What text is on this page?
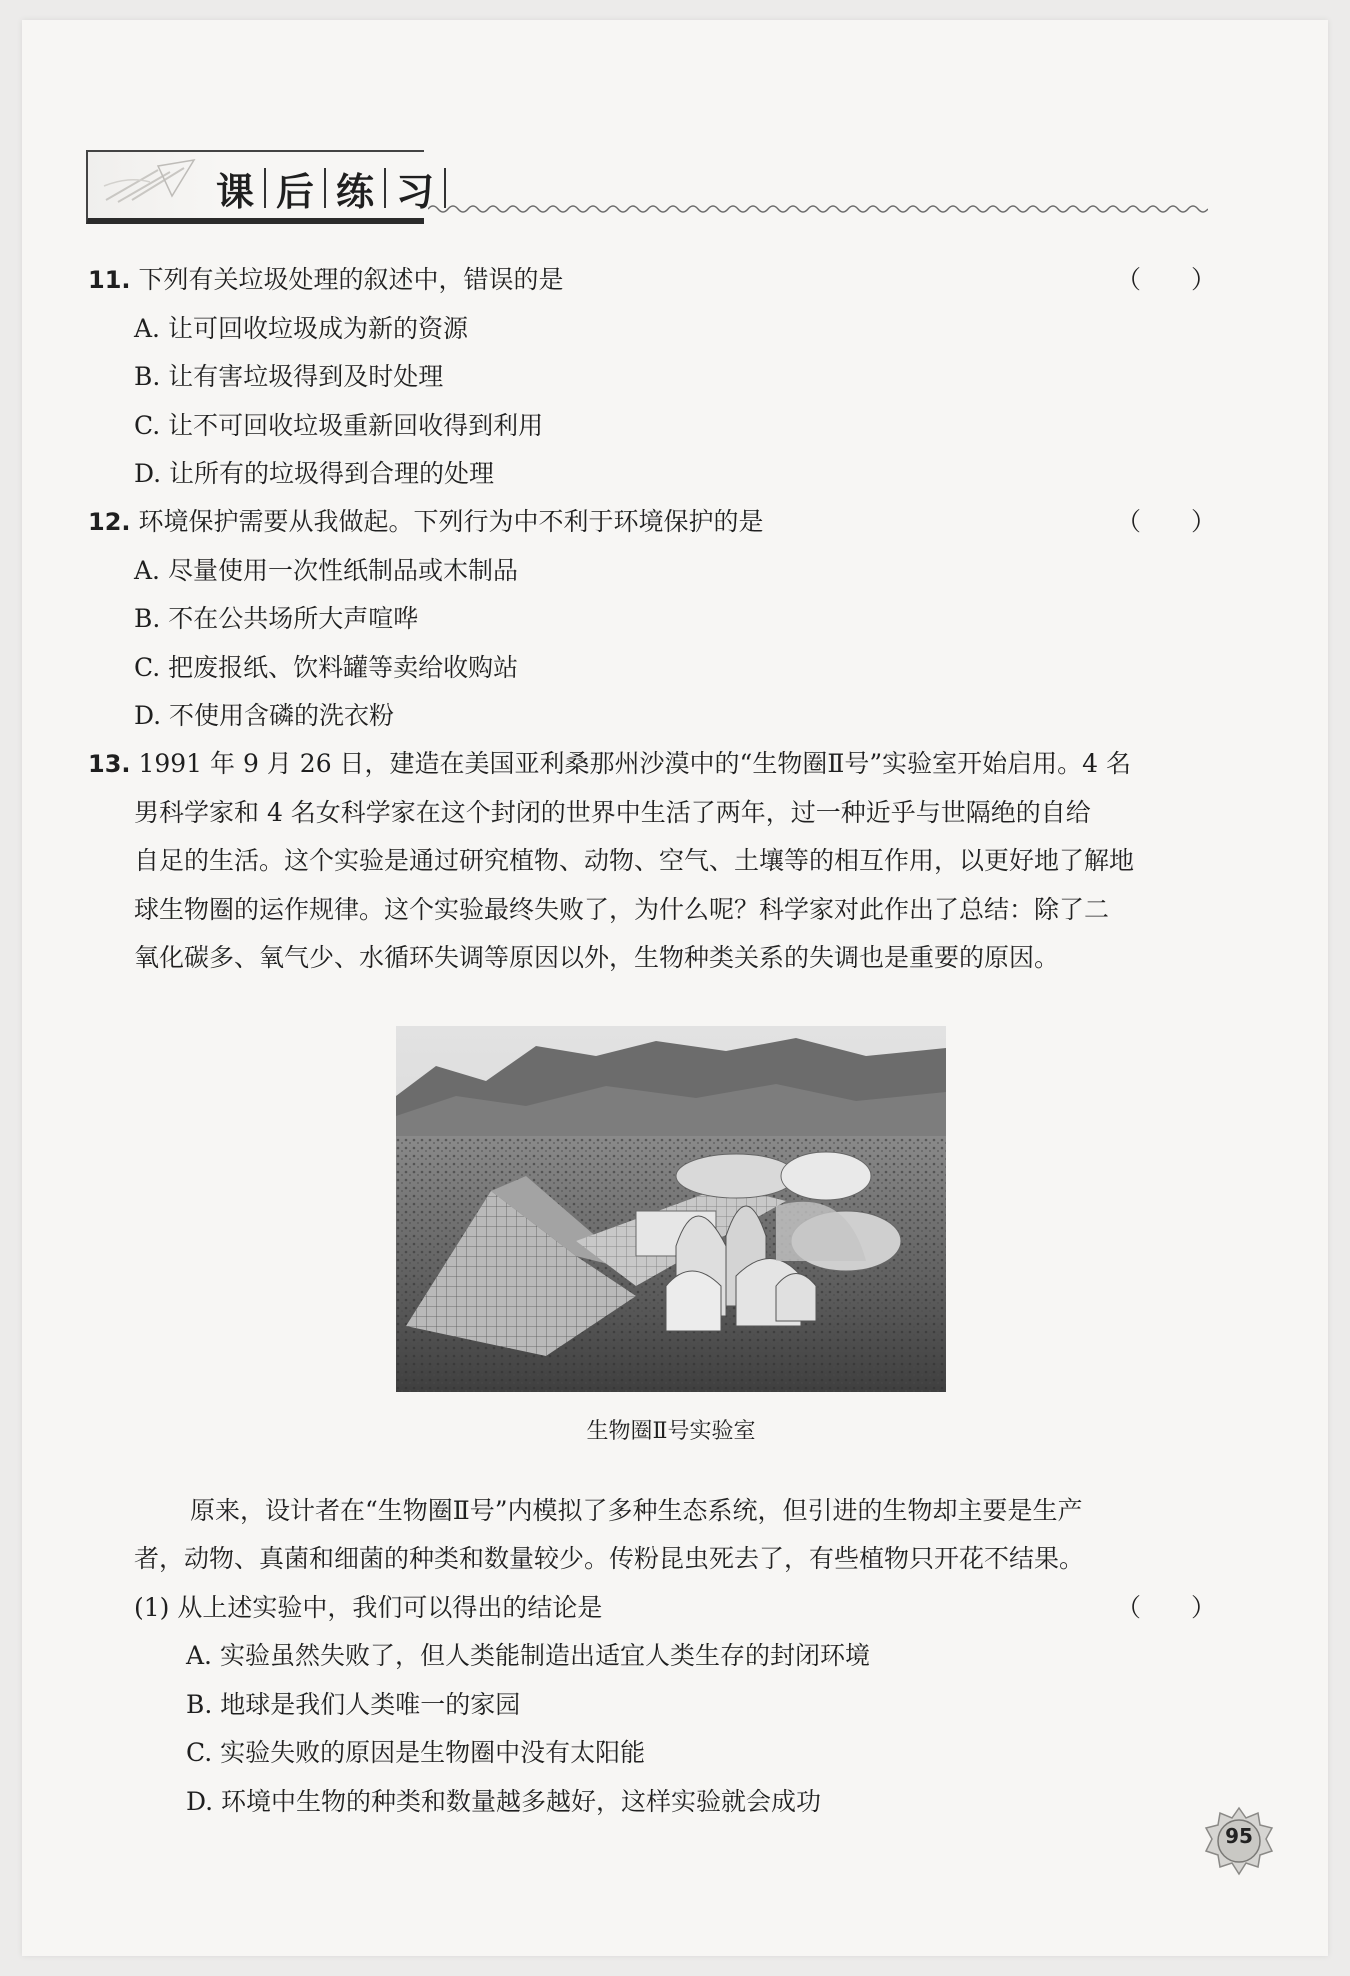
课 后 练 习
11. 下列有关垃圾处理的叙述中，错误的是	（　　）
A. 让可回收垃圾成为新的资源
B. 让有害垃圾得到及时处理
C. 让不可回收垃圾重新回收得到利用
D. 让所有的垃圾得到合理的处理
12. 环境保护需要从我做起。下列行为中不利于环境保护的是	（　　）
A. 尽量使用一次性纸制品或木制品
B. 不在公共场所大声喧哗
C. 把废报纸、饮料罐等卖给收购站
D. 不使用含磷的洗衣粉
13. 1991 年 9 月 26 日，建造在美国亚利桑那州沙漠中的“生物圈Ⅱ号”实验室开始启用。4 名
男科学家和 4 名女科学家在这个封闭的世界中生活了两年，过一种近乎与世隔绝的自给
自足的生活。这个实验是通过研究植物、动物、空气、土壤等的相互作用，以更好地了解地
球生物圈的运作规律。这个实验最终失败了，为什么呢？科学家对此作出了总结：除了二
氧化碳多、氧气少、水循环失调等原因以外，生物种类关系的失调也是重要的原因。
生物圈Ⅱ号实验室
原来，设计者在“生物圈Ⅱ号”内模拟了多种生态系统，但引进的生物却主要是生产
者，动物、真菌和细菌的种类和数量较少。传粉昆虫死去了，有些植物只开花不结果。
(1) 从上述实验中，我们可以得出的结论是	（　　）
A. 实验虽然失败了，但人类能制造出适宜人类生存的封闭环境
B. 地球是我们人类唯一的家园
C. 实验失败的原因是生物圈中没有太阳能
D. 环境中生物的种类和数量越多越好，这样实验就会成功
95
